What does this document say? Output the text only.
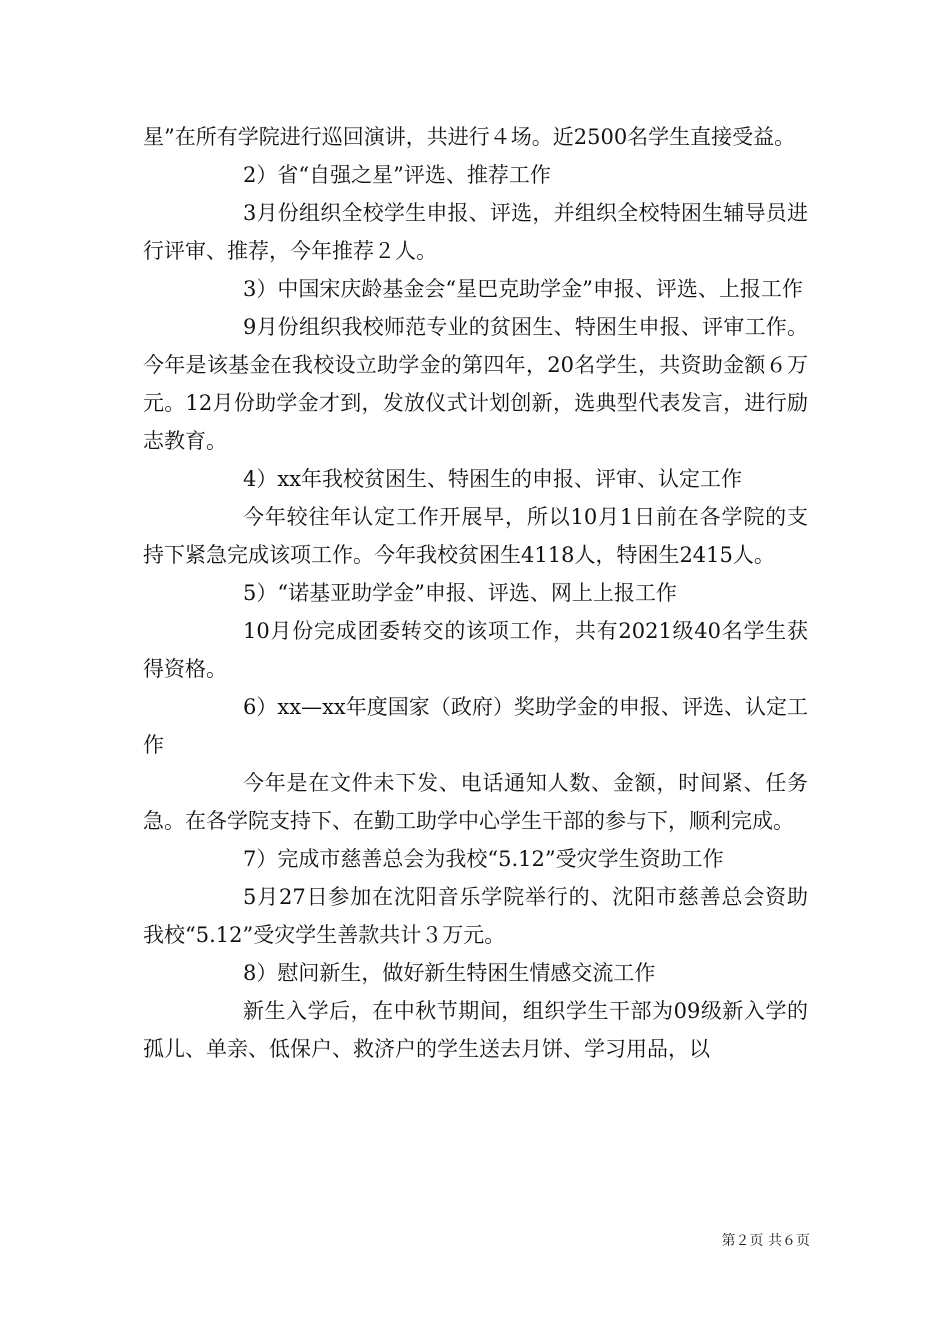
星”在所有学院进行巡回演讲，共进行４场。近2500名学生直接受益。

2）省“自强之星”评选、推荐工作

3月份组织全校学生申报、评选，并组织全校特困生辅导员进行评审、推荐，今年推荐２人。

3）中国宋庆龄基金会“星巴克助学金”申报、评选、上报工作

9月份组织我校师范专业的贫困生、特困生申报、评审工作。今年是该基金在我校设立助学金的第四年，20名学生，共资助金额６万元。12月份助学金才到，发放仪式计划创新，选典型代表发言，进行励志教育。

4）xx年我校贫困生、特困生的申报、评审、认定工作

今年较往年认定工作开展早，所以10月1日前在各学院的支持下紧急完成该项工作。今年我校贫困生4118人，特困生2415人。

5）“诺基亚助学金”申报、评选、网上上报工作

10月份完成团委转交的该项工作，共有2021级40名学生获得资格。

6）xx—xx年度国家（政府）奖助学金的申报、评选、认定工作

今年是在文件未下发、电话通知人数、金额，时间紧、任务急。在各学院支持下、在勤工助学中心学生干部的参与下，顺利完成。

7）完成市慈善总会为我校“5.12”受灾学生资助工作

5月27日参加在沈阳音乐学院举行的、沈阳市慈善总会资助我校“5.12”受灾学生善款共计３万元。

8）慰问新生，做好新生特困生情感交流工作

新生入学后，在中秋节期间，组织学生干部为09级新入学的孤儿、单亲、低保户、救济户的学生送去月饼、学习用品，以

第２页 共６页
